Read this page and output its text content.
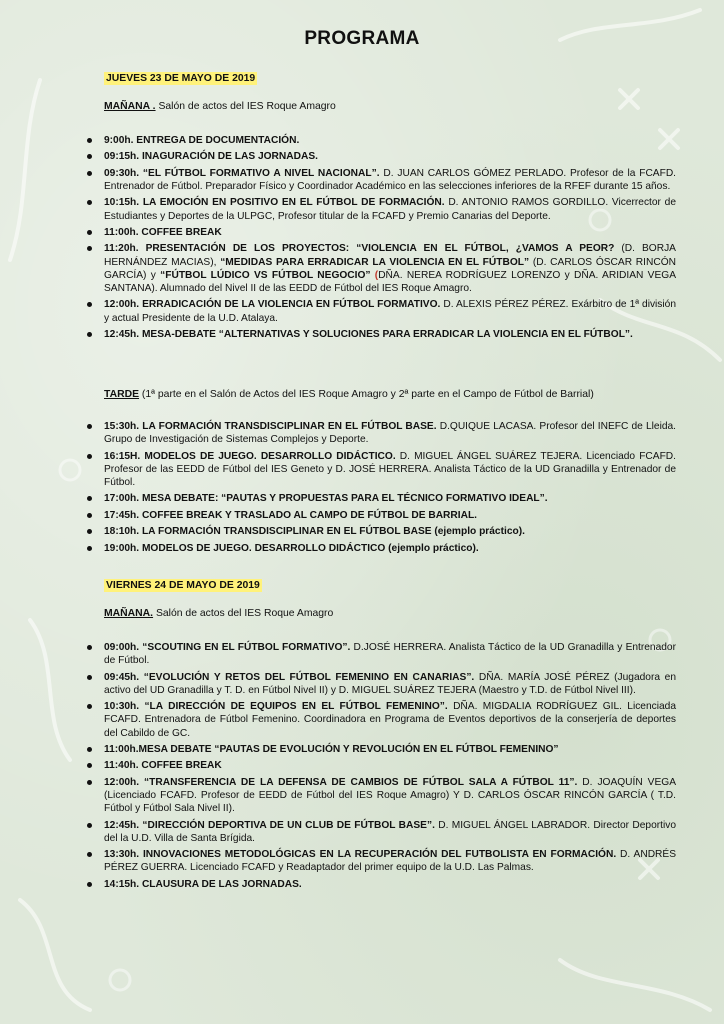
PROGRAMA
JUEVES 23 DE MAYO DE 2019
MAÑANA . Salón de actos del IES Roque Amagro
9:00h. ENTREGA DE DOCUMENTACIÓN.
09:15h. INAGURACIÓN DE LAS JORNADAS.
09:30h. “EL FÚTBOL FORMATIVO A NIVEL NACIONAL”. D. JUAN CARLOS GÓMEZ PERLADO. Profesor de la FCAFD. Entrenador de Fútbol. Preparador Físico y Coordinador Académico en las selecciones inferiores de la RFEF durante 15 años.
10:15h. LA EMOCIÓN EN POSITIVO EN EL FÚTBOL DE FORMACIÓN. D. ANTONIO RAMOS GORDILLO. Vicerrector de Estudiantes y Deportes de la ULPGC, Profesor titular de la FCAFD y Premio Canarias del Deporte.
11:00h. COFFEE BREAK
11:20h. PRESENTACIÓN DE LOS PROYECTOS: “VIOLENCIA EN EL FÚTBOL, ¿VAMOS A PEOR? (D. BORJA HERNÁNDEZ MACIAS), “MEDIDAS PARA ERRADICAR LA VIOLENCIA EN EL FÚTBOL” (D. CARLOS ÓSCAR RINCÓN GARCÍA) y “FÚTBOL LÚDICO VS FÚTBOL NEGOCIO” (DÑA. NEREA RODRÍGUEZ LORENZO y DÑA. ARIDIAN VEGA SANTANA). Alumnado del Nivel II de las EEDD de Fútbol del IES Roque Amagro.
12:00h. ERRADICACIÓN DE LA VIOLENCIA EN FÚTBOL FORMATIVO. D. ALEXIS PÉREZ PÉREZ. Exárbitro de 1ª división y actual Presidente de la U.D. Atalaya.
12:45h. MESA-DEBATE “ALTERNATIVAS Y SOLUCIONES PARA ERRADICAR LA VIOLENCIA EN EL FÚTBOL”.
TARDE (1ª parte en el Salón de Actos del IES Roque Amagro y 2ª parte en el Campo de Fútbol de Barrial)
15:30h. LA FORMACIÓN TRANSDISCIPLINAR EN EL FÚTBOL BASE. D.QUIQUE LACASA. Profesor del INEFC de Lleida. Grupo de Investigación de Sistemas Complejos y Deporte.
16:15H. MODELOS DE JUEGO. DESARROLLO DIDÁCTICO. D. MIGUEL ÁNGEL SUÁREZ TEJERA. Licenciado FCAFD. Profesor de las EEDD de Fútbol del IES Geneto y D. JOSÉ HERRERA. Analista Táctico de la UD Granadilla y Entrenador de Fútbol.
17:00h. MESA DEBATE: “PAUTAS Y PROPUESTAS PARA EL TÉCNICO FORMATIVO IDEAL”.
17:45h. COFFEE BREAK Y TRASLADO AL CAMPO DE FÚTBOL DE BARRIAL.
18:10h. LA FORMACIÓN TRANSDISCIPLINAR EN EL FÚTBOL BASE (ejemplo práctico).
19:00h. MODELOS DE JUEGO. DESARROLLO DIDÁCTICO (ejemplo práctico).
VIERNES 24 DE MAYO DE 2019
MAÑANA. Salón de actos del IES Roque Amagro
09:00h. “SCOUTING EN EL FÚTBOL FORMATIVO”. D.JOSÉ HERRERA. Analista Táctico de la UD Granadilla y Entrenador de Fútbol.
09:45h. “EVOLUCIÓN Y RETOS DEL FÚTBOL FEMENINO EN CANARIAS”. DÑA. MARÍA JOSÉ PÉREZ (Jugadora en activo del UD Granadilla y T. D. en Fútbol Nivel II) y D. MIGUEL SUÁREZ TEJERA (Maestro y T.D. de Fútbol Nivel III).
10:30h. “LA DIRECCIÓN DE EQUIPOS EN EL FÚTBOL FEMENINO”. DÑA. MIGDALIA RODRÍGUEZ GIL. Licenciada FCAFD. Entrenadora de Fútbol Femenino. Coordinadora en Programa de Eventos deportivos de la conserjería de deportes del Cabildo de GC.
11:00h.MESA DEBATE “PAUTAS DE EVOLUCIÓN Y REVOLUCIÓN EN EL FÚTBOL FEMENINO”
11:40h. COFFEE BREAK
12:00h. “TRANSFERENCIA DE LA DEFENSA DE CAMBIOS DE FÚTBOL SALA A FÚTBOL 11”. D. JOAQUÍN VEGA (Licenciado FCAFD. Profesor de EEDD de Fútbol del IES Roque Amagro) Y D. CARLOS ÓSCAR RINCÓN GARCÍA ( T.D. Fútbol y Fútbol Sala Nivel II).
12:45h. “DIRECCIÓN DEPORTIVA DE UN CLUB DE FÚTBOL BASE”. D. MIGUEL ÁNGEL LABRADOR. Director Deportivo del la U.D. Villa de Santa Brígida.
13:30h. INNOVACIONES METODOLÓGICAS EN LA RECUPERACIÓN DEL FUTBOLISTA EN FORMACIÓN. D. ANDRÉS PÉREZ GUERRA. Licenciado FCAFD y Readaptador del primer equipo de la U.D. Las Palmas.
14:15h. CLAUSURA DE LAS JORNADAS.
